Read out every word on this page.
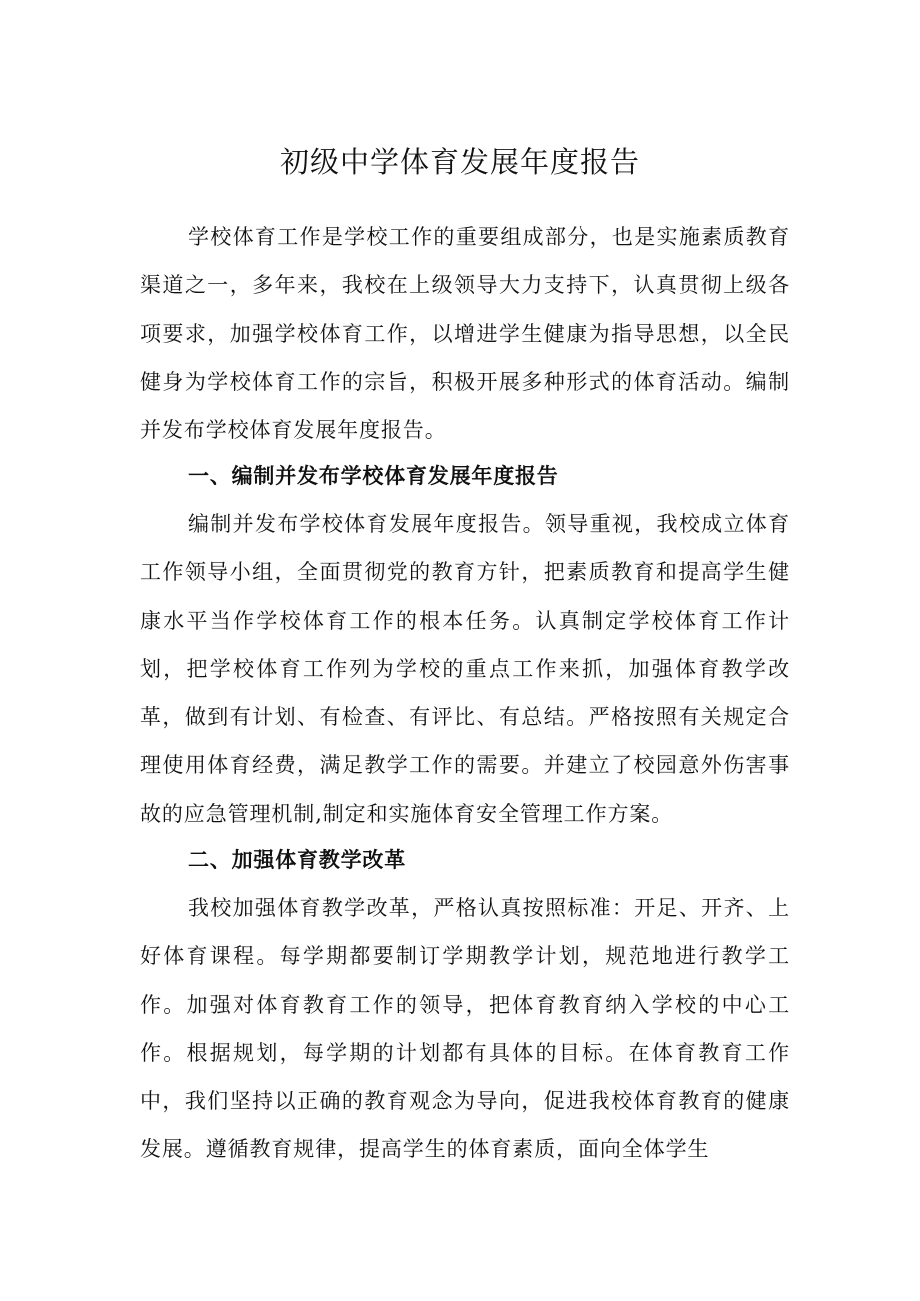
初级中学体育发展年度报告

学校体育工作是学校工作的重要组成部分，也是实施素质教育渠道之一，多年来，我校在上级领导大力支持下，认真贯彻上级各项要求，加强学校体育工作，以增进学生健康为指导思想，以全民健身为学校体育工作的宗旨，积极开展多种形式的体育活动。编制并发布学校体育发展年度报告。

一、编制并发布学校体育发展年度报告

编制并发布学校体育发展年度报告。领导重视，我校成立体育工作领导小组，全面贯彻党的教育方针，把素质教育和提高学生健康水平当作学校体育工作的根本任务。认真制定学校体育工作计划，把学校体育工作列为学校的重点工作来抓，加强体育教学改革，做到有计划、有检查、有评比、有总结。严格按照有关规定合理使用体育经费，满足教学工作的需要。并建立了校园意外伤害事故的应急管理机制,制定和实施体育安全管理工作方案。

二、加强体育教学改革

我校加强体育教学改革，严格认真按照标准：开足、开齐、上好体育课程。每学期都要制订学期教学计划，规范地进行教学工作。加强对体育教育工作的领导，把体育教育纳入学校的中心工作。根据规划，每学期的计划都有具体的目标。在体育教育工作中，我们坚持以正确的教育观念为导向，促进我校体育教育的健康发展。遵循教育规律，提高学生的体育素质，面向全体学生
